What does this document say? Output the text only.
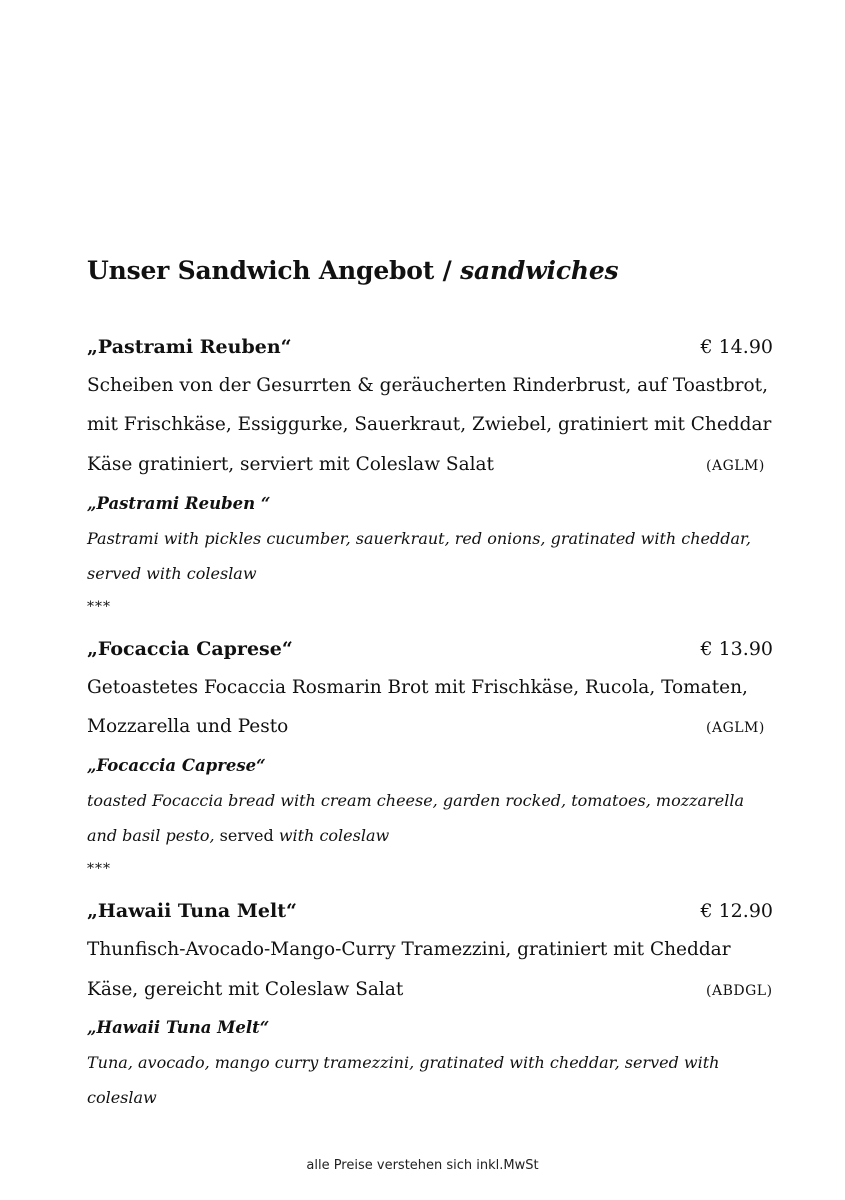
Unser Sandwich Angebot / sandwiches
„Pastrami Reuben“	€ 14.90
Scheiben von der Gesurrten & geräucherten Rinderbrust, auf Toastbrot,
mit Frischkäse, Essiggurke, Sauerkraut, Zwiebel, gratiniert mit Cheddar
Käse gratiniert, serviert mit Coleslaw Salat	(AGLM)
„Pastrami Reuben “
Pastrami with pickles cucumber, sauerkraut, red onions, gratinated with cheddar,
served with coleslaw
***
„Focaccia Caprese“	€ 13.90
Getoastetes Focaccia Rosmarin Brot mit Frischkäse, Rucola, Tomaten,
Mozzarella und Pesto	(AGLM)
„Focaccia Caprese“
toasted Focaccia bread with cream cheese, garden rocked, tomatoes, mozzarella
and basil pesto, served with coleslaw
***
„Hawaii Tuna Melt“	€ 12.90
Thunfisch-Avocado-Mango-Curry Tramezzini, gratiniert mit Cheddar
Käse, gereicht mit Coleslaw Salat	(ABDGL)
„Hawaii Tuna Melt“
Tuna, avocado, mango curry tramezzini, gratinated with cheddar, served with
coleslaw
alle Preise verstehen sich inkl.MwSt
